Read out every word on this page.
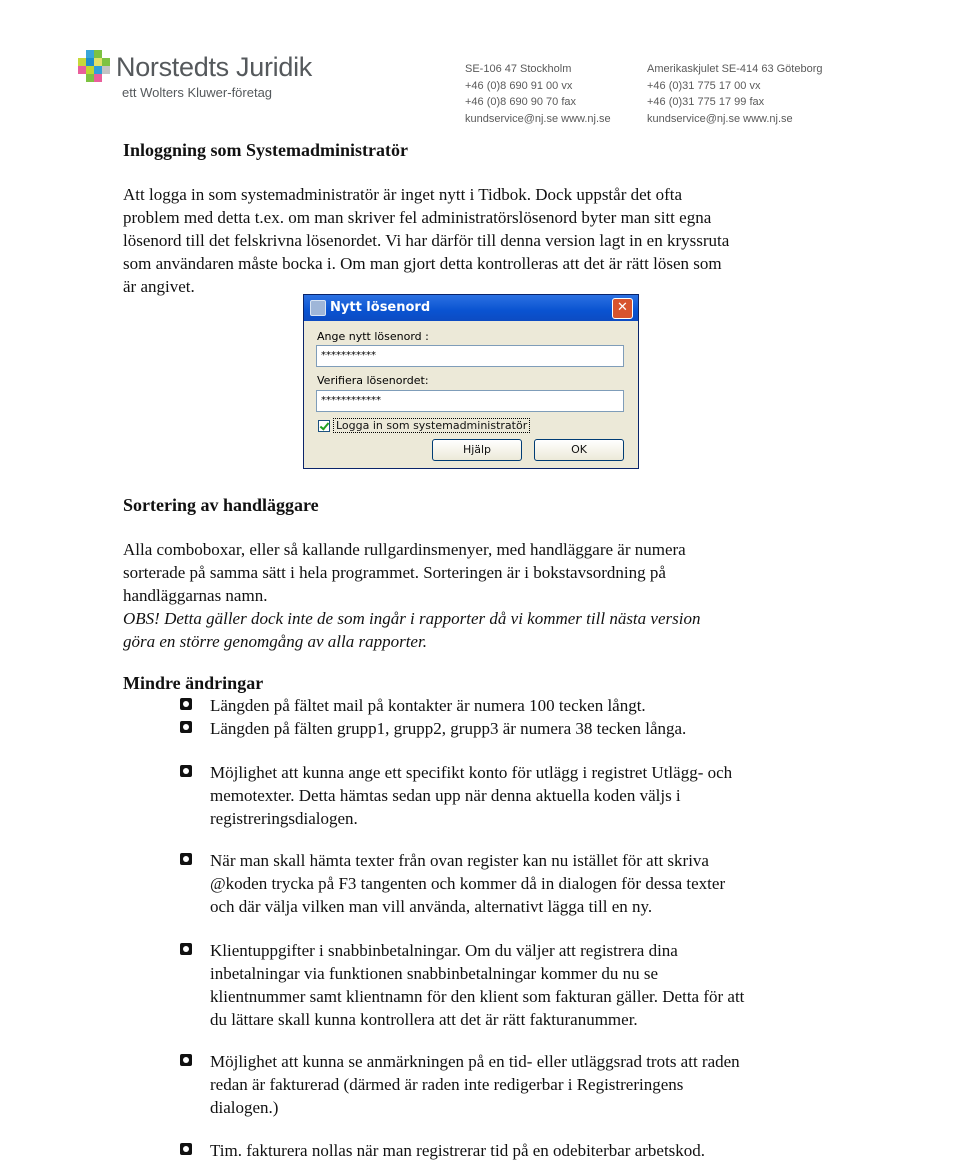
Norstedts Juridik

ett Wolters Kluwer-företag

SE-106 47 Stockholm
+46 (0)8 690 91 00 vx
+46 (0)8 690 90 70 fax
kundservice@nj.se www.nj.se
Amerikaskjulet SE-414 63 Göteborg
+46 (0)31 775 17 00 vx
+46 (0)31 775 17 99 fax
kundservice@nj.se www.nj.se
Inloggning som Systemadministratör
Att logga in som systemadministratör är inget nytt i Tidbok. Dock uppstår det ofta
problem med detta t.ex. om man skriver fel administratörslösenord byter man sitt egna
lösenord till det felskrivna lösenordet. Vi har därför till denna version lagt in en kryssruta
som användaren måste bocka i. Om man gjort detta kontrolleras att det är rätt lösen som
är angivet.
Nytt lösenord	✕
Ange nytt lösenord :
***********
Verifiera lösenordet:
************
Logga in som systemadministratör
Hjälp	OK
Sortering av handläggare
Alla comboboxar, eller så kallande rullgardinsmenyer, med handläggare är numera
sorterade på samma sätt i hela programmet. Sorteringen är i bokstavsordning på
handläggarnas namn.
OBS! Detta gäller dock inte de som ingår i rapporter då vi kommer till nästa version
göra en större genomgång av alla rapporter.
Mindre ändringar
Längden på fältet mail på kontakter är numera 100 tecken långt.
Längden på fälten grupp1, grupp2, grupp3 är numera 38 tecken långa.
Möjlighet att kunna ange ett specifikt konto för utlägg i registret Utlägg- och
memotexter. Detta hämtas sedan upp när denna aktuella koden väljs i
registreringsdialogen.
När man skall hämta texter från ovan register kan nu istället för att skriva
@koden trycka på F3 tangenten och kommer då in dialogen för dessa texter
och där välja vilken man vill använda, alternativt lägga till en ny.
Klientuppgifter i snabbinbetalningar. Om du väljer att registrera dina
inbetalningar via funktionen snabbinbetalningar kommer du nu se
klientnummer samt klientnamn för den klient som fakturan gäller. Detta för att
du lättare skall kunna kontrollera att det är rätt fakturanummer.
Möjlighet att kunna se anmärkningen på en tid- eller utläggsrad trots att raden
redan är fakturerad (därmed är raden inte redigerbar i Registreringens
dialogen.)
Tim. fakturera nollas när man registrerar tid på en odebiterbar arbetskod.
